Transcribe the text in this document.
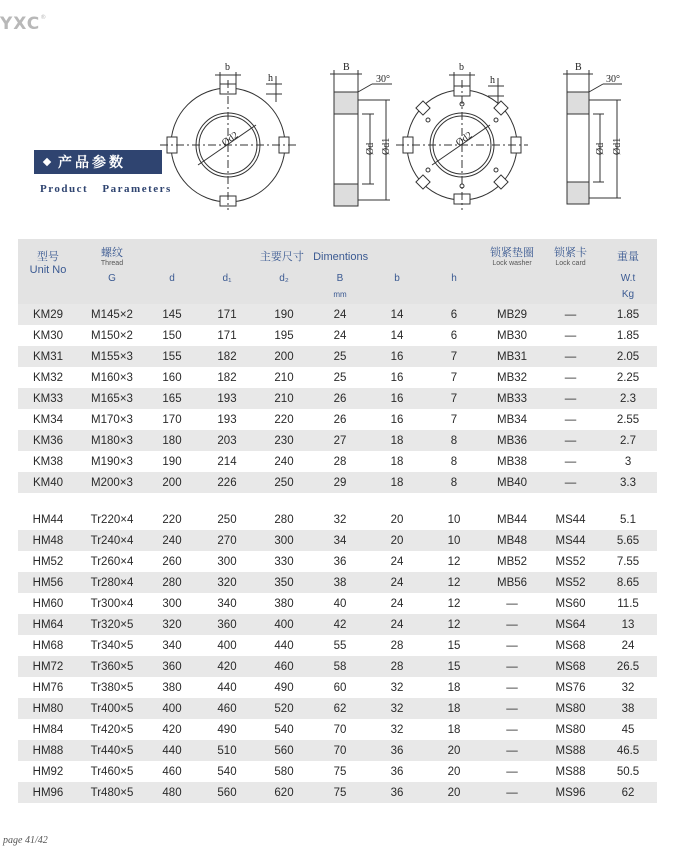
YXC®
b
h
Ød2
B
30°
Ød Ød1
b
h
Ød2
B
30°
Ød Ød1
产品参数
Product Parameters
型号
Unit No	螺纹
Thread	主要尺寸 Dimentions						锁紧垫圈
Lock washer	锁紧卡
Lock card	重量

	G	d	d₁	d₂	B	b	h			W.t
					mm					Kg
KM29	M145×2	145	171	190	24	14	6	MB29	—	1.85
KM30	M150×2	150	171	195	24	14	6	MB30	—	1.85
KM31	M155×3	155	182	200	25	16	7	MB31	—	2.05
KM32	M160×3	160	182	210	25	16	7	MB32	—	2.25
KM33	M165×3	165	193	210	26	16	7	MB33	—	2.3
KM34	M170×3	170	193	220	26	16	7	MB34	—	2.55
KM36	M180×3	180	203	230	27	18	8	MB36	—	2.7
KM38	M190×3	190	214	240	28	18	8	MB38	—	3
KM40	M200×3	200	226	250	29	18	8	MB40	—	3.3

HM44	Tr220×4	220	250	280	32	20	10	MB44	MS44	5.1
HM48	Tr240×4	240	270	300	34	20	10	MB48	MS44	5.65
HM52	Tr260×4	260	300	330	36	24	12	MB52	MS52	7.55
HM56	Tr280×4	280	320	350	38	24	12	MB56	MS52	8.65
HM60	Tr300×4	300	340	380	40	24	12	—	MS60	11.5
HM64	Tr320×5	320	360	400	42	24	12	—	MS64	13
HM68	Tr340×5	340	400	440	55	28	15	—	MS68	24
HM72	Tr360×5	360	420	460	58	28	15	—	MS68	26.5
HM76	Tr380×5	380	440	490	60	32	18	—	MS76	32
HM80	Tr400×5	400	460	520	62	32	18	—	MS80	38
HM84	Tr420×5	420	490	540	70	32	18	—	MS80	45
HM88	Tr440×5	440	510	560	70	36	20	—	MS88	46.5
HM92	Tr460×5	460	540	580	75	36	20	—	MS88	50.5
HM96	Tr480×5	480	560	620	75	36	20	—	MS96	62
page 41/42
